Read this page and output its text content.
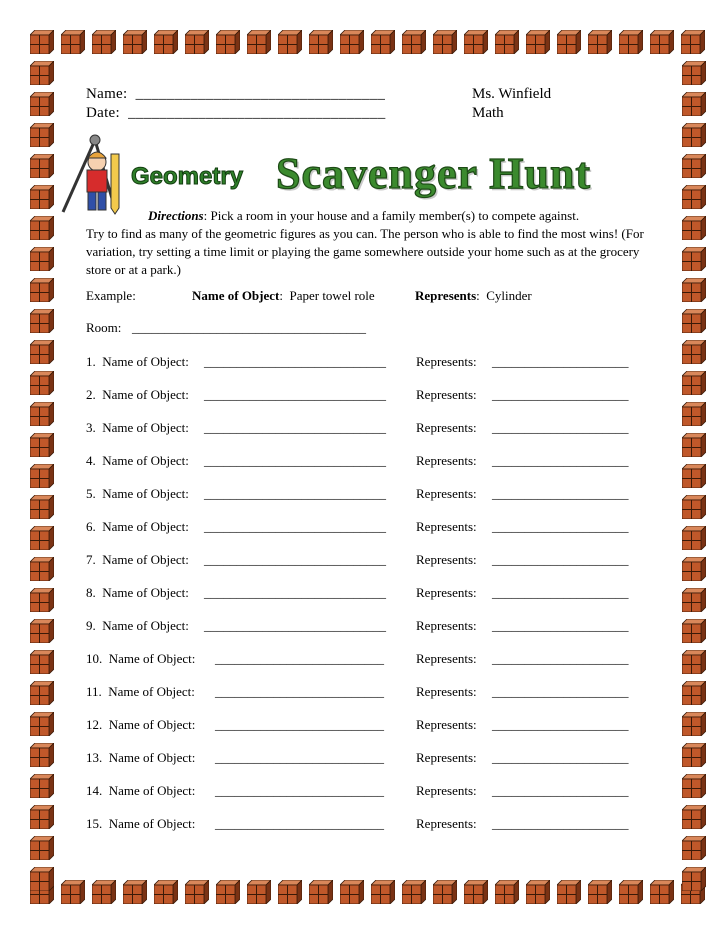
Name: ________________________________
Date: _________________________________
Ms. Winfield
Math
Geometry Scavenger Hunt
Directions: Pick a room in your house and a family member(s) to compete against.
Try to find as many of the geometric figures as you can. The person who is able to find the most wins! (For variation, try setting a time limit or playing the game somewhere outside your home such as at the grocery store or at a park.)
Example:	Name of Object:  Paper towel role	Represents:  Cylinder
Room: ____________________________________
1.  Name of Object: ____________________________ Represents: _____________________
2.  Name of Object: ____________________________ Represents: _____________________
3.  Name of Object: ____________________________ Represents: _____________________
4.  Name of Object: ____________________________ Represents: _____________________
5.  Name of Object: ____________________________ Represents: _____________________
6.  Name of Object: ____________________________ Represents: _____________________
7.  Name of Object: ____________________________ Represents: _____________________
8.  Name of Object: ____________________________ Represents: _____________________
9.  Name of Object: ____________________________ Represents: _____________________
10.  Name of Object: __________________________ Represents: _____________________
11.  Name of Object: __________________________ Represents: _____________________
12.  Name of Object: __________________________ Represents: _____________________
13.  Name of Object: __________________________ Represents: _____________________
14.  Name of Object: __________________________ Represents: _____________________
15.  Name of Object: __________________________ Represents: _____________________
